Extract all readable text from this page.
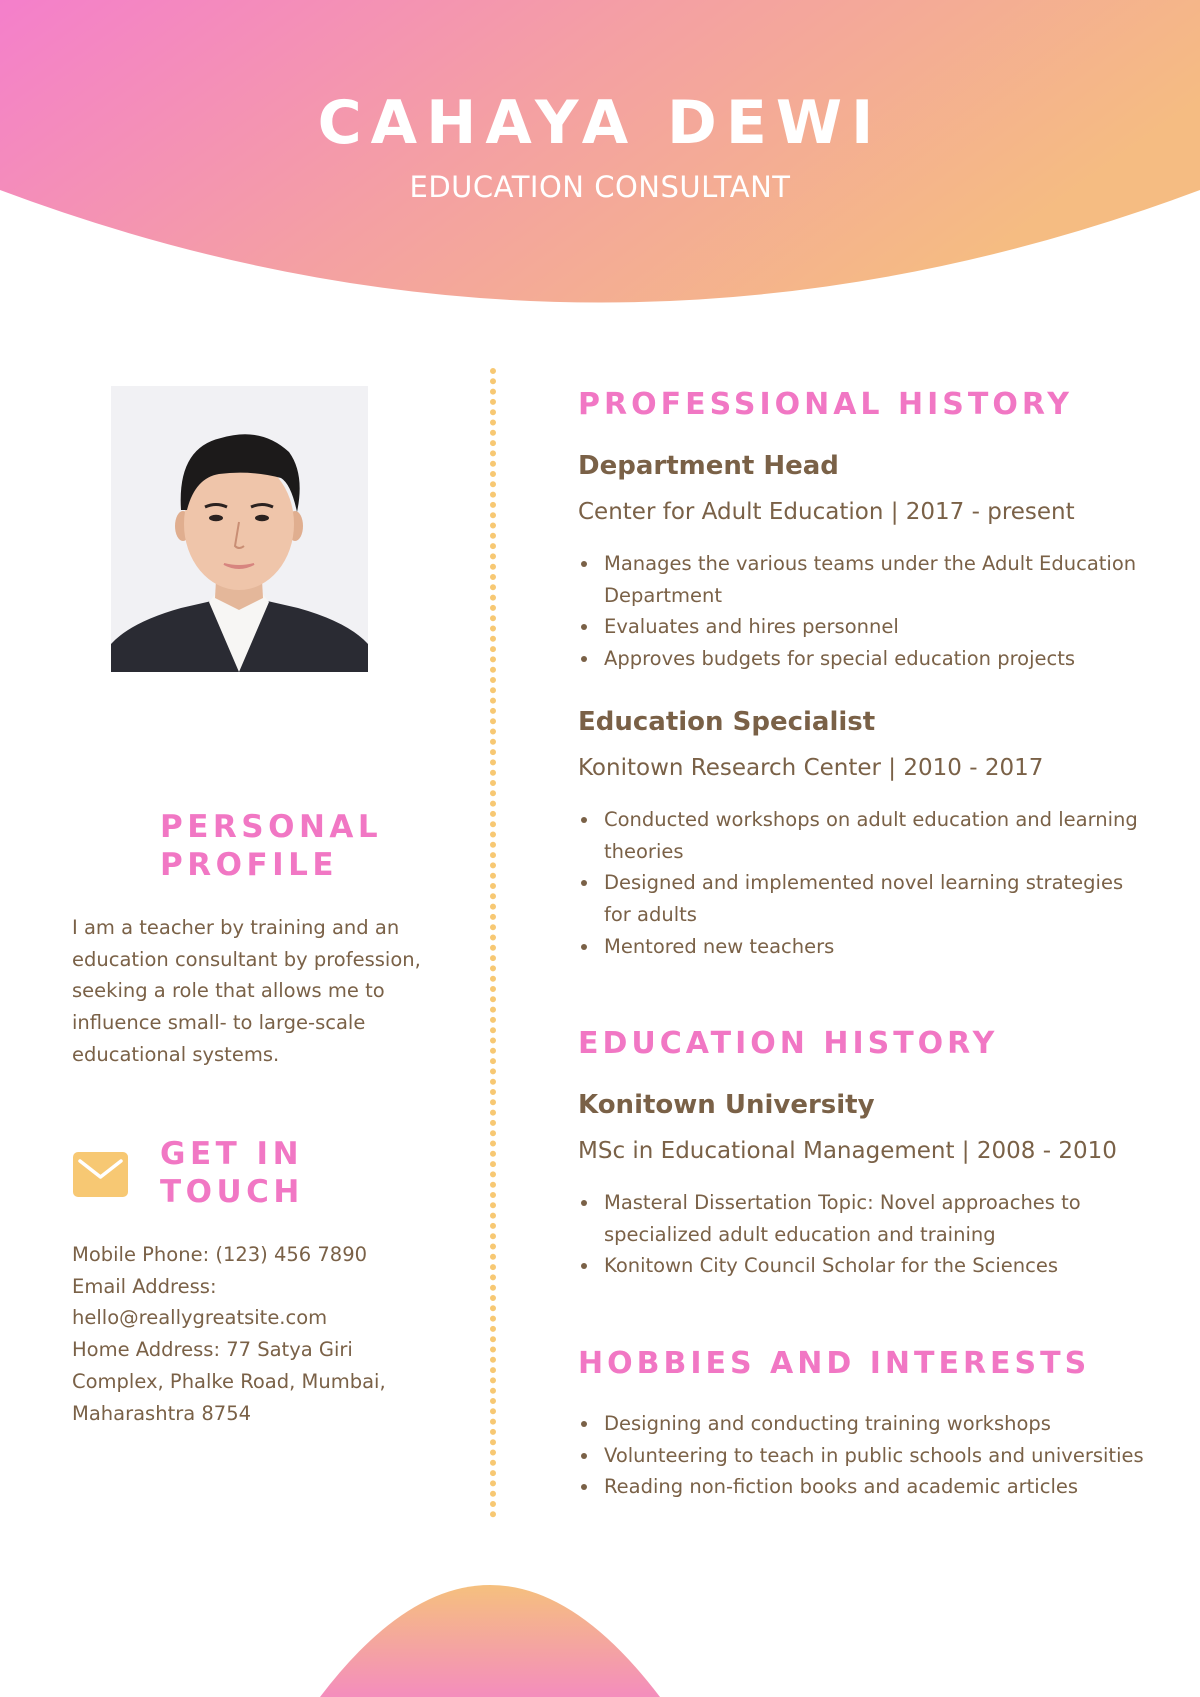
CAHAYA DEWI
EDUCATION CONSULTANT
PERSONAL
PROFILE
I am a teacher by training and an
education consultant by profession,
seeking a role that allows me to
influence small- to large-scale
educational systems.
GET IN
TOUCH
Mobile Phone: (123) 456 7890
Email Address:
hello@reallygreatsite.com
Home Address: 77 Satya Giri
Complex, Phalke Road, Mumbai,
Maharashtra 8754
PROFESSIONAL HISTORY
Department Head
Center for Adult Education | 2017 - present
Manages the various teams under the Adult Education
Department
Evaluates and hires personnel
Approves budgets for special education projects
Education Specialist
Konitown Research Center | 2010 - 2017
Conducted workshops on adult education and learning
theories
Designed and implemented novel learning strategies
for adults
Mentored new teachers
EDUCATION HISTORY
Konitown University
MSc in Educational Management | 2008 - 2010
Masteral Dissertation Topic: Novel approaches to
specialized adult education and training
Konitown City Council Scholar for the Sciences
HOBBIES AND INTERESTS
Designing and conducting training workshops
Volunteering to teach in public schools and universities
Reading non-fiction books and academic articles
